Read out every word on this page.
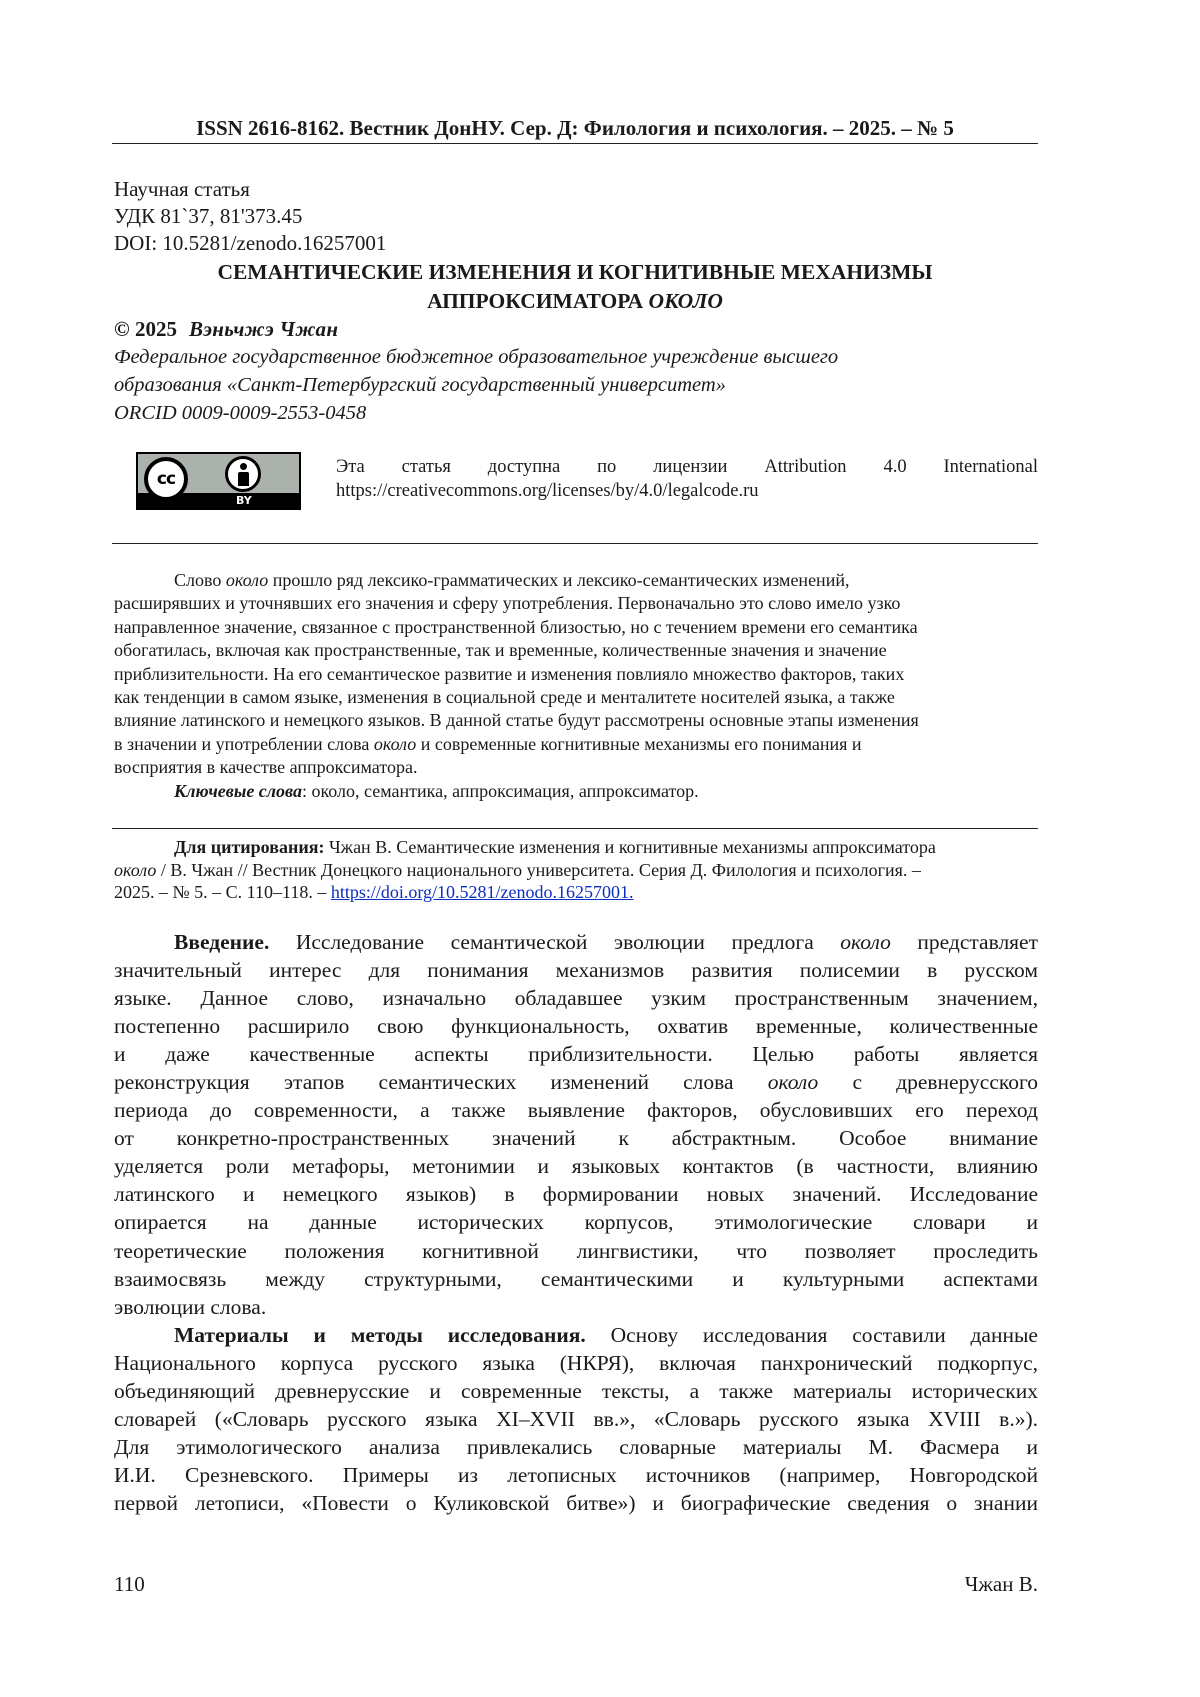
ISSN 2616-8162. Вестник ДонНУ. Сер. Д: Филология и психология. – 2025. – № 5
Научная статья
УДК 81`37, 81'373.45
DOI: 10.5281/zenodo.16257001
СЕМАНТИЧЕСКИЕ ИЗМЕНЕНИЯ И КОГНИТИВНЫЕ МЕХАНИЗМЫ
АППРОКСИМАТОРА ОКОЛО
© 2025 Вэньчжэ Чжан
Федеральное государственное бюджетное образовательное учреждение высшего
образования «Санкт-Петербургский государственный университет»
ORCID 0009-0009-2553-0458
cc
BY
Эта статья доступна по лицензии Attribution 4.0 International
https://creativecommons.org/licenses/by/4.0/legalcode.ru
Слово около прошло ряд лексико-грамматических и лексико-семантических изменений,
расширявших и уточнявших его значения и сферу употребления. Первоначально это слово имело узко
направленное значение, связанное с пространственной близостью, но с течением времени его семантика
обогатилась, включая как пространственные, так и временные, количественные значения и значение
приблизительности. На его семантическое развитие и изменения повлияло множество факторов, таких
как тенденции в самом языке, изменения в социальной среде и менталитете носителей языка, а также
влияние латинского и немецкого языков. В данной статье будут рассмотрены основные этапы изменения
в значении и употреблении слова около и современные когнитивные механизмы его понимания и
восприятия в качестве аппроксиматора.
Ключевые слова: около, семантика, аппроксимация, аппроксиматор.
Для цитирования: Чжан В. Семантические изменения и когнитивные механизмы аппроксиматора
около / В. Чжан // Вестник Донецкого национального университета. Серия Д. Филология и психология. –
2025. – № 5. – С. 110–118. – https://doi.org/10.5281/zenodo.16257001.
Введение. Исследование семантической эволюции предлога около представляет
значительный интерес для понимания механизмов развития полисемии в русском
языке. Данное слово, изначально обладавшее узким пространственным значением,
постепенно расширило свою функциональность, охватив временные, количественные
и даже качественные аспекты приблизительности. Целью работы является
реконструкция этапов семантических изменений слова около с древнерусского
периода до современности, а также выявление факторов, обусловивших его переход
от конкретно-пространственных значений к абстрактным. Особое внимание
уделяется роли метафоры, метонимии и языковых контактов (в частности, влиянию
латинского и немецкого языков) в формировании новых значений. Исследование
опирается на данные исторических корпусов, этимологические словари и
теоретические положения когнитивной лингвистики, что позволяет проследить
взаимосвязь между структурными, семантическими и культурными аспектами
эволюции слова.
Материалы и методы исследования. Основу исследования составили данные
Национального корпуса русского языка (НКРЯ), включая панхронический подкорпус,
объединяющий древнерусские и современные тексты, а также материалы исторических
словарей («Словарь русского языка XI–XVII вв.», «Словарь русского языка XVIII в.»).
Для этимологического анализа привлекались словарные материалы М. Фасмера и
И.И. Срезневского. Примеры из летописных источников (например, Новгородской
первой летописи, «Повести о Куликовской битве») и биографические сведения о знании
110	Чжан В.
